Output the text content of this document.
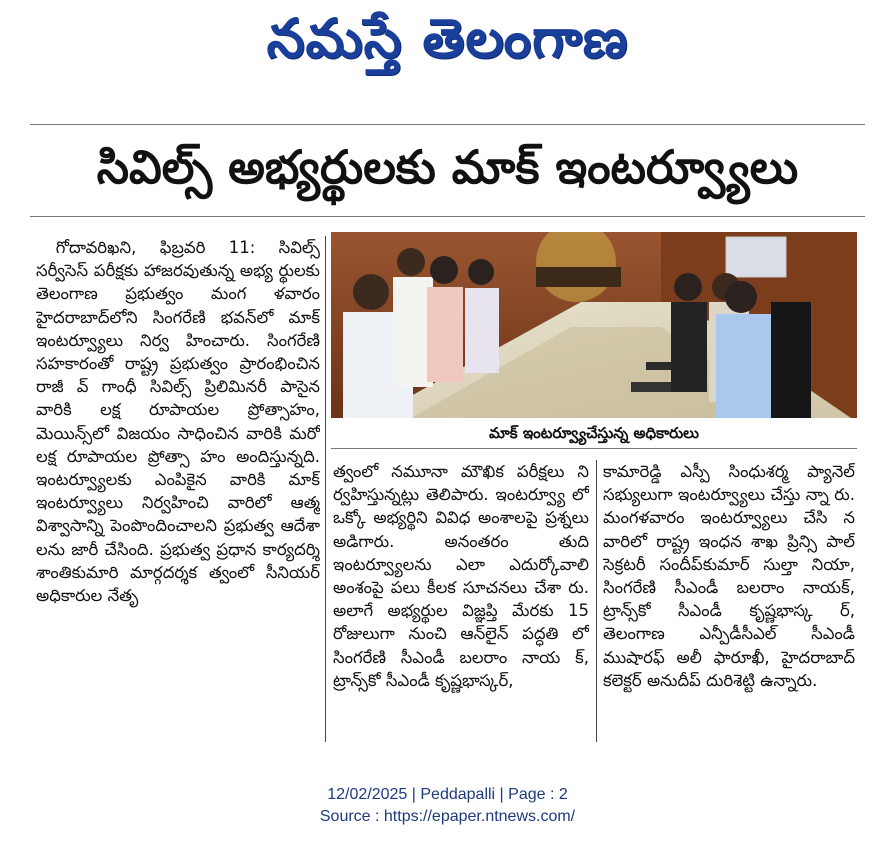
నమస్తే తెలంగాణ
సివిల్స్ అభ్యర్థులకు మాక్ ఇంటర్వ్యూలు

గోదావరిఖని, ఫిబ్రవరి 11: సివిల్స్ సర్వీసెస్ పరీక్షకు హాజరవుతున్న అభ్య ర్థులకు తెలంగాణ ప్రభుత్వం మంగ ళవారం హైదరాబాద్‌లోని సింగరేణి భవన్‌లో మాక్ ఇంటర్వ్యూలు నిర్వ హించారు. సింగరేణి సహకారంతో రాష్ట్ర ప్రభుత్వం ప్రారంభించిన రాజీ వ్ గాంధీ సివిల్స్ ప్రిలిమినరీ పాసైన వారికి లక్ష రూపాయల ప్రోత్సాహం, మెయిన్స్‌లో విజయం సాధించిన వారికి మరో లక్ష రూపాయల ప్రోత్సా హం అందిస్తున్నది. ఇంటర్వ్యూలకు ఎంపికైన వారికి మాక్ ఇంటర్వ్యూలు నిర్వహించి వారిలో ఆత్మ విశ్వాసాన్ని పెంపొందించాలని ప్రభుత్వ ఆదేశా లను జారీ చేసింది. ప్రభుత్వ ప్రధాన కార్యదర్శి శాంతికుమారి మార్గదర్శక త్వంలో సీనియర్ అధికారుల నేతృ

మాక్ ఇంటర్వ్యూచేస్తున్న అధికారులు

త్వంలో నమూనా మౌఖిక పరీక్షలు ని ర్వహిస్తున్నట్లు తెలిపారు. ఇంటర్వ్యూ లో ఒక్కో అభ్యర్థిని వివిధ అంశాలపై ప్రశ్నలు అడిగారు. అనంతరం తుది ఇంటర్వ్యూలను ఎలా ఎదుర్కోవాలి అంశంపై పలు కీలక సూచనలు చేశా రు. అలాగే అభ్యర్థుల విజ్ఞప్తి మేరకు 15 రోజులుగా నుంచి ఆన్‌లైన్ పద్ధతి లో సింగరేణి సీఎండీ బలరాం నాయ క్, ట్రాన్స్‌కో సీఎండీ కృష్ణభాస్కర్,

కామారెడ్డి ఎస్పీ సింధుశర్మ ప్యానెల్ సభ్యులుగా ఇంటర్వ్యూలు చేస్తు న్నా రు. మంగళవారం ఇంటర్వ్యూలు చేసి న వారిలో రాష్ట్ర ఇంధన శాఖ ప్రిన్సి పాల్ సెక్రటరీ సందీప్‌కుమార్ సుల్తా నియా, సింగరేణి సీఎండీ బలరాం నాయక్, ట్రాన్స్‌కో సీఎండీ కృష్ణభాస్క ర్, తెలంగాణ ఎన్పీడీసీఎల్ సీఎండీ ముషారఫ్ అలీ ఫారూఖీ, హైదరాబాద్ కలెక్టర్ అనుదీప్ దురిశెట్టి ఉన్నారు.

12/02/2025 | Peddapalli | Page : 2
Source : https://epaper.ntnews.com/
